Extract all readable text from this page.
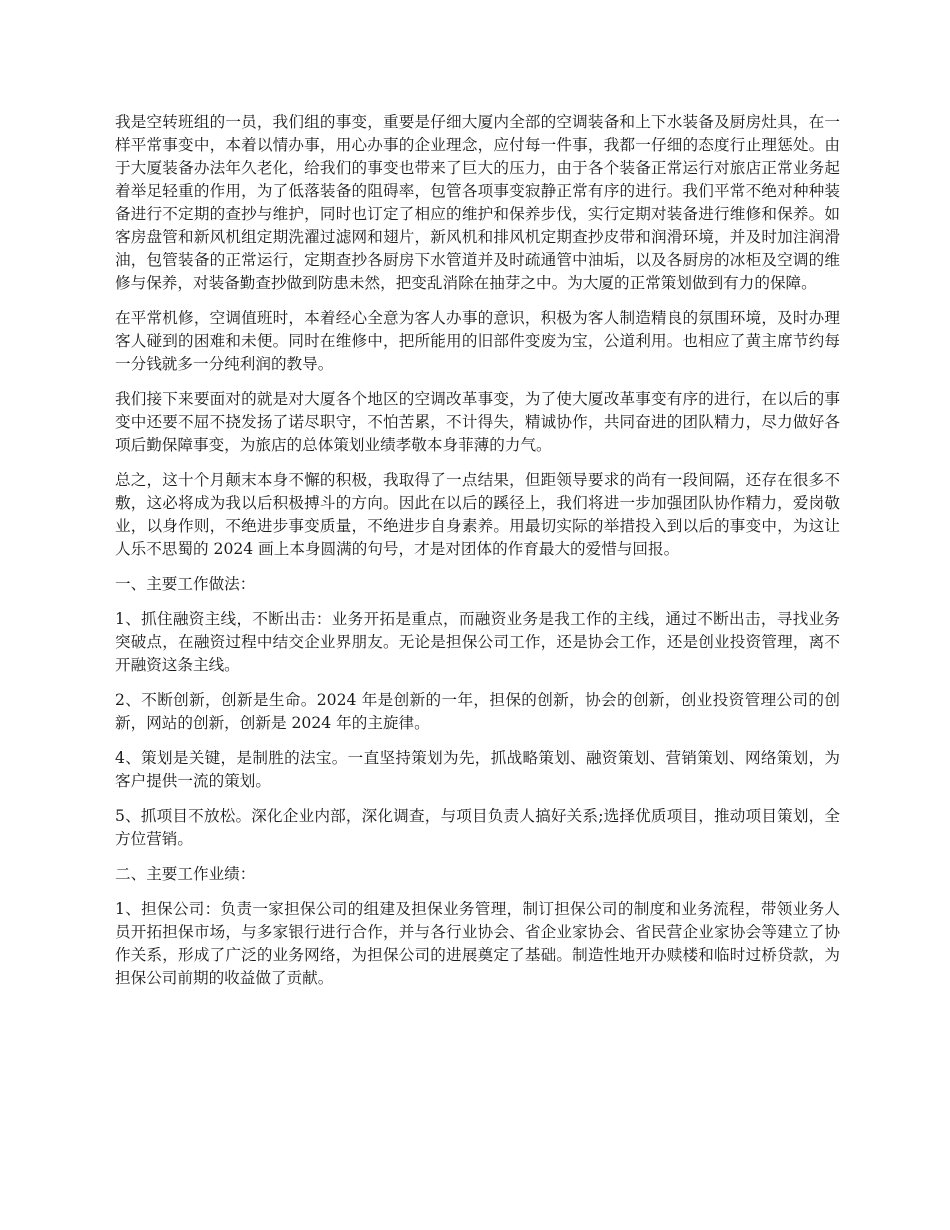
我是空转班组的一员，我们组的事变，重要是仔细大厦内全部的空调装备和上下水装备及厨房灶具，在一样平常事变中，本着以情办事，用心办事的企业理念，应付每一件事，我都一仔细的态度行止理惩处。由于大厦装备办法年久老化，给我们的事变也带来了巨大的压力，由于各个装备正常运行对旅店正常业务起着举足轻重的作用，为了低落装备的阻碍率，包管各项事变寂静正常有序的进行。我们平常不绝对种种装备进行不定期的查抄与维护，同时也订定了相应的维护和保养步伐，实行定期对装备进行维修和保养。如客房盘管和新风机组定期洗濯过滤网和翅片，新风机和排风机定期查抄皮带和润滑环境，并及时加注润滑油，包管装备的正常运行，定期查抄各厨房下水管道并及时疏通管中油垢，以及各厨房的冰柜及空调的维修与保养，对装备勤查抄做到防患未然，把变乱消除在抽芽之中。为大厦的正常策划做到有力的保障。

在平常机修，空调值班时，本着经心全意为客人办事的意识，积极为客人制造精良的氛围环境，及时办理客人碰到的困难和未便。同时在维修中，把所能用的旧部件变废为宝，公道利用。也相应了黄主席节约每一分钱就多一分纯利润的教导。

我们接下来要面对的就是对大厦各个地区的空调改革事变，为了使大厦改革事变有序的进行，在以后的事变中还要不屈不挠发扬了诺尽职守，不怕苦累，不计得失，精诚协作，共同奋进的团队精力，尽力做好各项后勤保障事变，为旅店的总体策划业绩孝敬本身菲薄的力气。

总之，这十个月颠末本身不懈的积极，我取得了一点结果，但距领导要求的尚有一段间隔，还存在很多不敷，这必将成为我以后积极搏斗的方向。因此在以后的蹊径上，我们将进一步加强团队协作精力，爱岗敬业，以身作则，不绝进步事变质量，不绝进步自身素养。用最切实际的举措投入到以后的事变中，为这让人乐不思蜀的 2024 画上本身圆满的句号，才是对团体的作育最大的爱惜与回报。

一、主要工作做法：

1、抓住融资主线，不断出击：业务开拓是重点，而融资业务是我工作的主线，通过不断出击，寻找业务突破点，在融资过程中结交企业界朋友。无论是担保公司工作，还是协会工作，还是创业投资管理，离不开融资这条主线。

2、不断创新，创新是生命。2024 年是创新的一年，担保的创新，协会的创新，创业投资管理公司的创新，网站的创新，创新是 2024 年的主旋律。

4、策划是关键，是制胜的法宝。一直坚持策划为先，抓战略策划、融资策划、营销策划、网络策划，为客户提供一流的策划。

5、抓项目不放松。深化企业内部，深化调查，与项目负责人搞好关系;选择优质项目，推动项目策划，全方位营销。

二、主要工作业绩：

1、担保公司：负责一家担保公司的组建及担保业务管理，制订担保公司的制度和业务流程，带领业务人员开拓担保市场，与多家银行进行合作，并与各行业协会、省企业家协会、省民营企业家协会等建立了协作关系，形成了广泛的业务网络，为担保公司的进展奠定了基础。制造性地开办赎楼和临时过桥贷款，为担保公司前期的收益做了贡献。
